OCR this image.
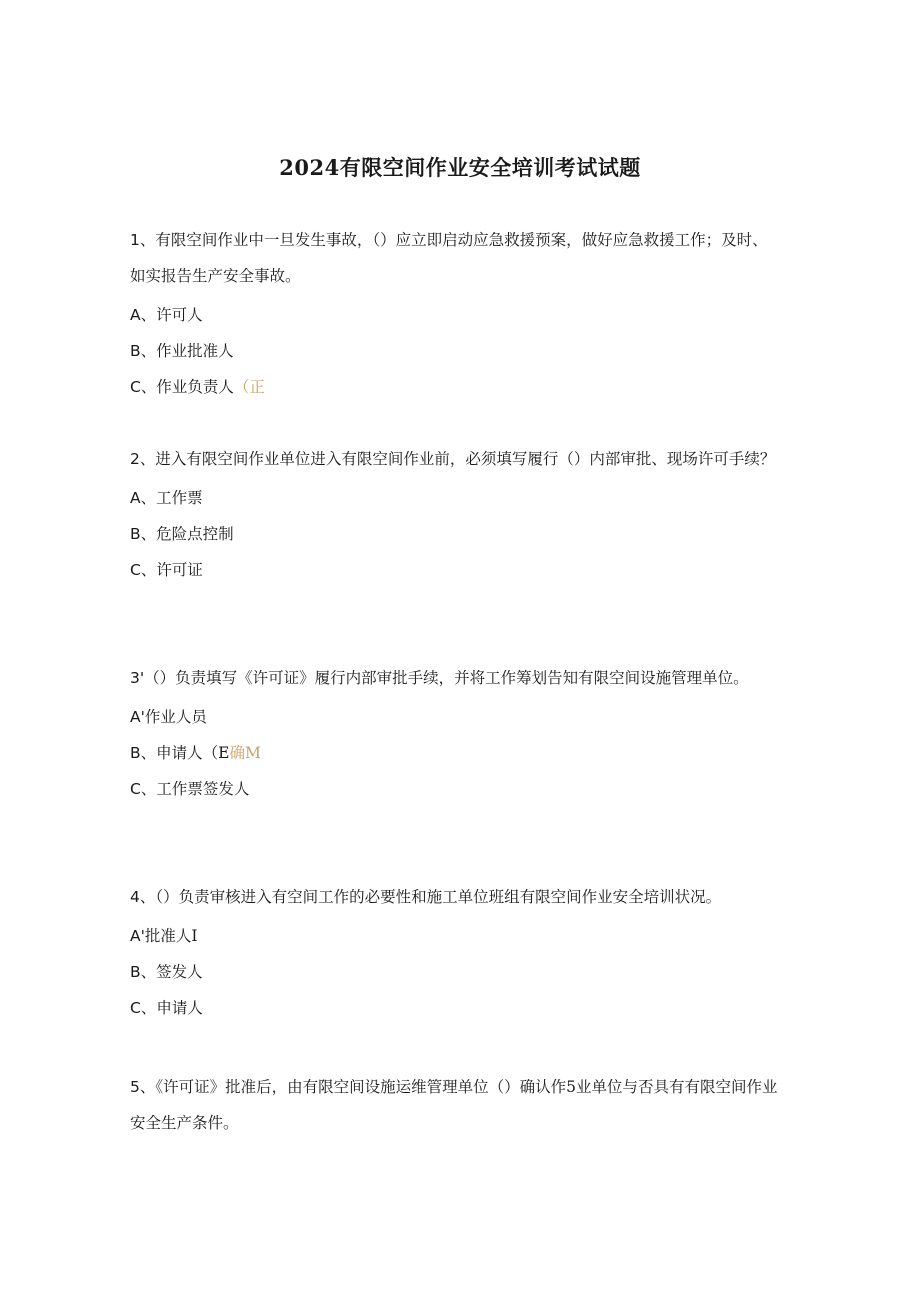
2024有限空间作业安全培训考试试题

1、有限空间作业中一旦发生事故，（）应立即启动应急救援预案，做好应急救援工作；及时、如实报告生产安全事故。

A、许可人
B、作业批准人
C、作业负责人（正

2、进入有限空间作业单位进入有限空间作业前，必须填写履行（）内部审批、现场许可手续？

A、工作票
B、危险点控制
C、许可证

3'（）负责填写《许可证》履行内部审批手续，并将工作筹划告知有限空间设施管理单位。

A'作业人员
B、申请人（E确M
C、工作票签发人

4、（）负责审核进入有空间工作的必要性和施工单位班组有限空间作业安全培训状况。

A'批准人I
B、签发人
C、申请人

5、《许可证》批准后，由有限空间设施运维管理单位（）确认作5业单位与否具有有限空间作业安全生产条件。
